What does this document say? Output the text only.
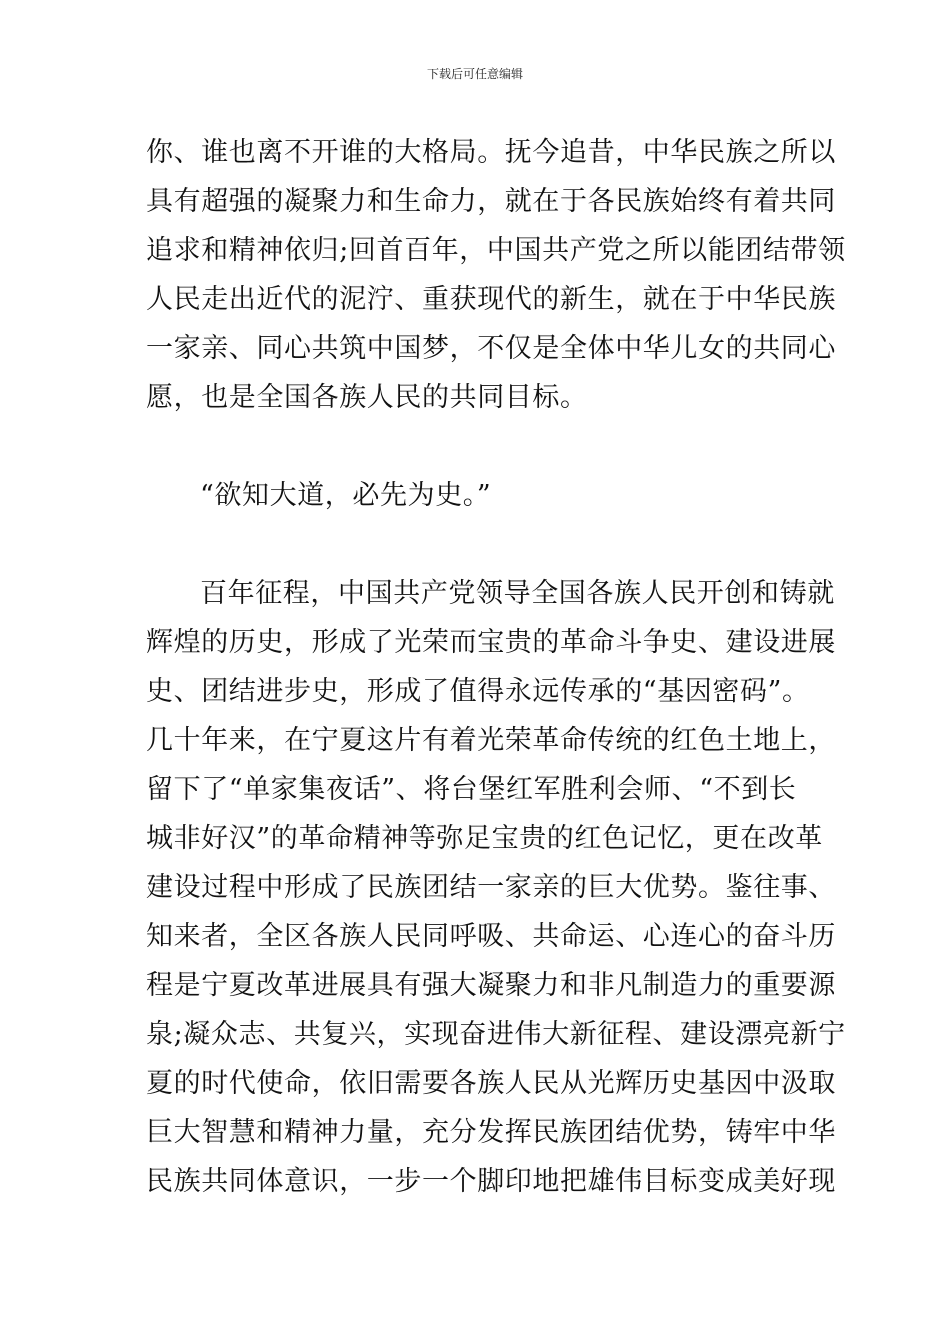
下载后可任意编辑
你、谁也离不开谁的大格局。抚今追昔，中华民族之所以
具有超强的凝聚力和生命力，就在于各民族始终有着共同
追求和精神依归;回首百年，中国共产党之所以能团结带领
人民走出近代的泥泞、重获现代的新生，就在于中华民族
一家亲、同心共筑中国梦，不仅是全体中华儿女的共同心
愿，也是全国各族人民的共同目标。
“欲知大道，必先为史。”
百年征程，中国共产党领导全国各族人民开创和铸就
辉煌的历史，形成了光荣而宝贵的革命斗争史、建设进展
史、团结进步史，形成了值得永远传承的“基因密码”。
几十年来，在宁夏这片有着光荣革命传统的红色土地上，
留下了“单家集夜话”、将台堡红军胜利会师、“不到长
城非好汉”的革命精神等弥足宝贵的红色记忆，更在改革
建设过程中形成了民族团结一家亲的巨大优势。鉴往事、
知来者，全区各族人民同呼吸、共命运、心连心的奋斗历
程是宁夏改革进展具有强大凝聚力和非凡制造力的重要源
泉;凝众志、共复兴，实现奋进伟大新征程、建设漂亮新宁
夏的时代使命，依旧需要各族人民从光辉历史基因中汲取
巨大智慧和精神力量，充分发挥民族团结优势，铸牢中华
民族共同体意识，一步一个脚印地把雄伟目标变成美好现
